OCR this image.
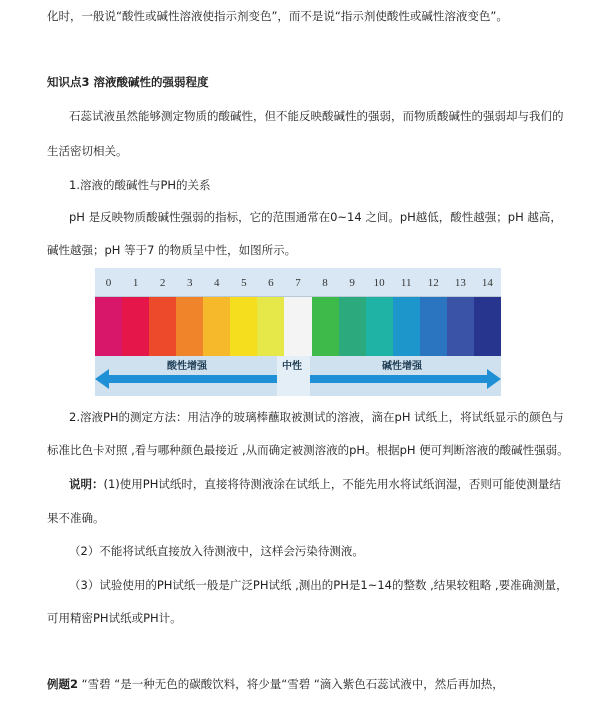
化时，一般说“酸性或碱性溶液使指示剂变色”，而不是说“指示剂使酸性或碱性溶液变色”。
知识点3 溶液酸碱性的强弱程度
石蕊试液虽然能够测定物质的酸碱性，但不能反映酸碱性的强弱，而物质酸碱性的强弱却与我们的
生活密切相关。
1.溶液的酸碱性与PH的关系
pH 是反映物质酸碱性强弱的指标，它的范围通常在0~14 之间。pH越低，酸性越强；pH 越高，
碱性越强；pH 等于7 的物质呈中性，如图所示。
0	1	2	3	4	5	6	7	8	9	10	11	12	13	14
酸性增强	中性	碱性增强
2.溶液PH的测定方法：用洁净的玻璃棒蘸取被测试的溶液，滴在pH 试纸上，将试纸显示的颜色与
标准比色卡对照 ,看与哪种颜色最接近 ,从而确定被测溶液的pH。根据pH 便可判断溶液的酸碱性强弱。
说明：(1)使用PH试纸时，直接将待测液涂在试纸上，不能先用水将试纸润湿，否则可能使测量结
果不准确。
（2）不能将试纸直接放入待测液中，这样会污染待测液。
（3）试验使用的PH试纸一般是广泛PH试纸 ,测出的PH是1~14的整数 ,结果较粗略 ,要准确测量，
可用精密PH试纸或PH计。
例题2 “雪碧 “是一种无色的碳酸饮料，将少量“雪碧 “滴入紫色石蕊试液中，然后再加热，
